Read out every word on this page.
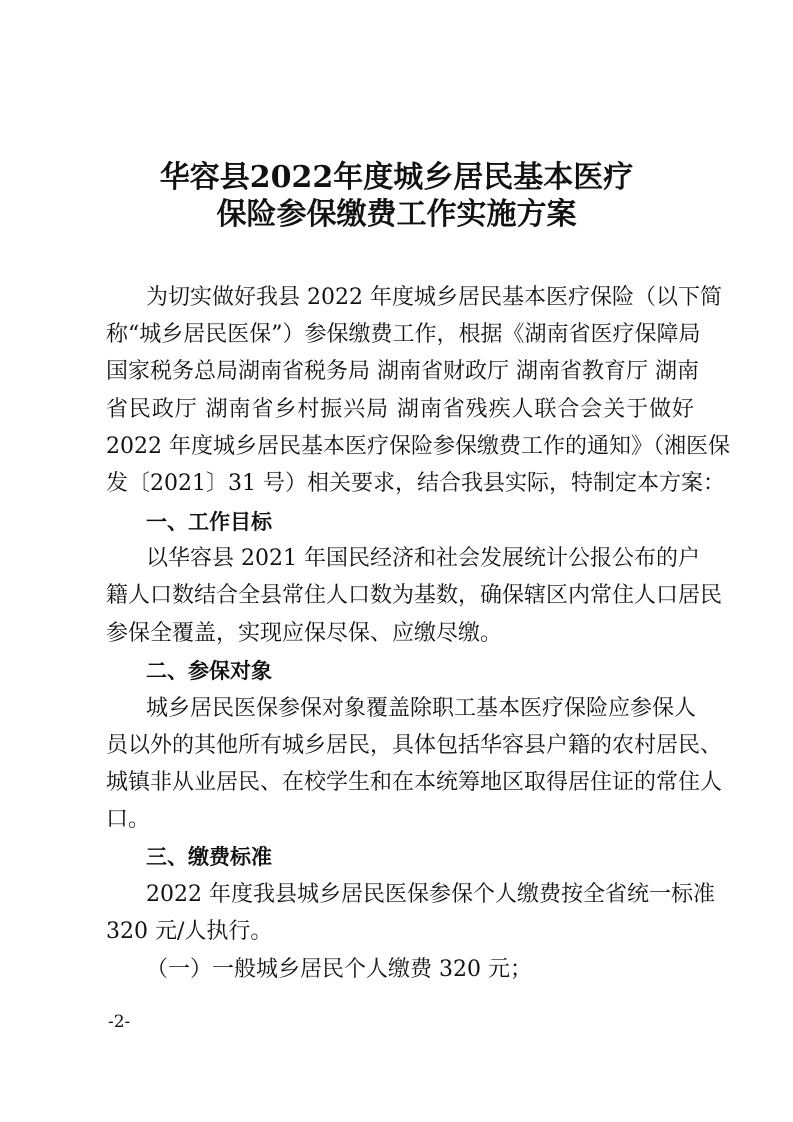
华容县2022年度城乡居民基本医疗
保险参保缴费工作实施方案
为切实做好我县 2022 年度城乡居民基本医疗保险（以下简
称“城乡居民医保”）参保缴费工作，根据《湖南省医疗保障局
国家税务总局湖南省税务局 湖南省财政厅 湖南省教育厅 湖南
省民政厅 湖南省乡村振兴局 湖南省残疾人联合会关于做好
2022 年度城乡居民基本医疗保险参保缴费工作的通知》（湘医保
发〔2021〕31 号）相关要求，结合我县实际，特制定本方案：
一、工作目标
以华容县 2021 年国民经济和社会发展统计公报公布的户
籍人口数结合全县常住人口数为基数，确保辖区内常住人口居民
参保全覆盖，实现应保尽保、应缴尽缴。
二、参保对象
城乡居民医保参保对象覆盖除职工基本医疗保险应参保人
员以外的其他所有城乡居民，具体包括华容县户籍的农村居民、
城镇非从业居民、在校学生和在本统筹地区取得居住证的常住人
口。
三、缴费标准
2022 年度我县城乡居民医保参保个人缴费按全省统一标准
320 元/人执行。
（一）一般城乡居民个人缴费 320 元；
-2-
